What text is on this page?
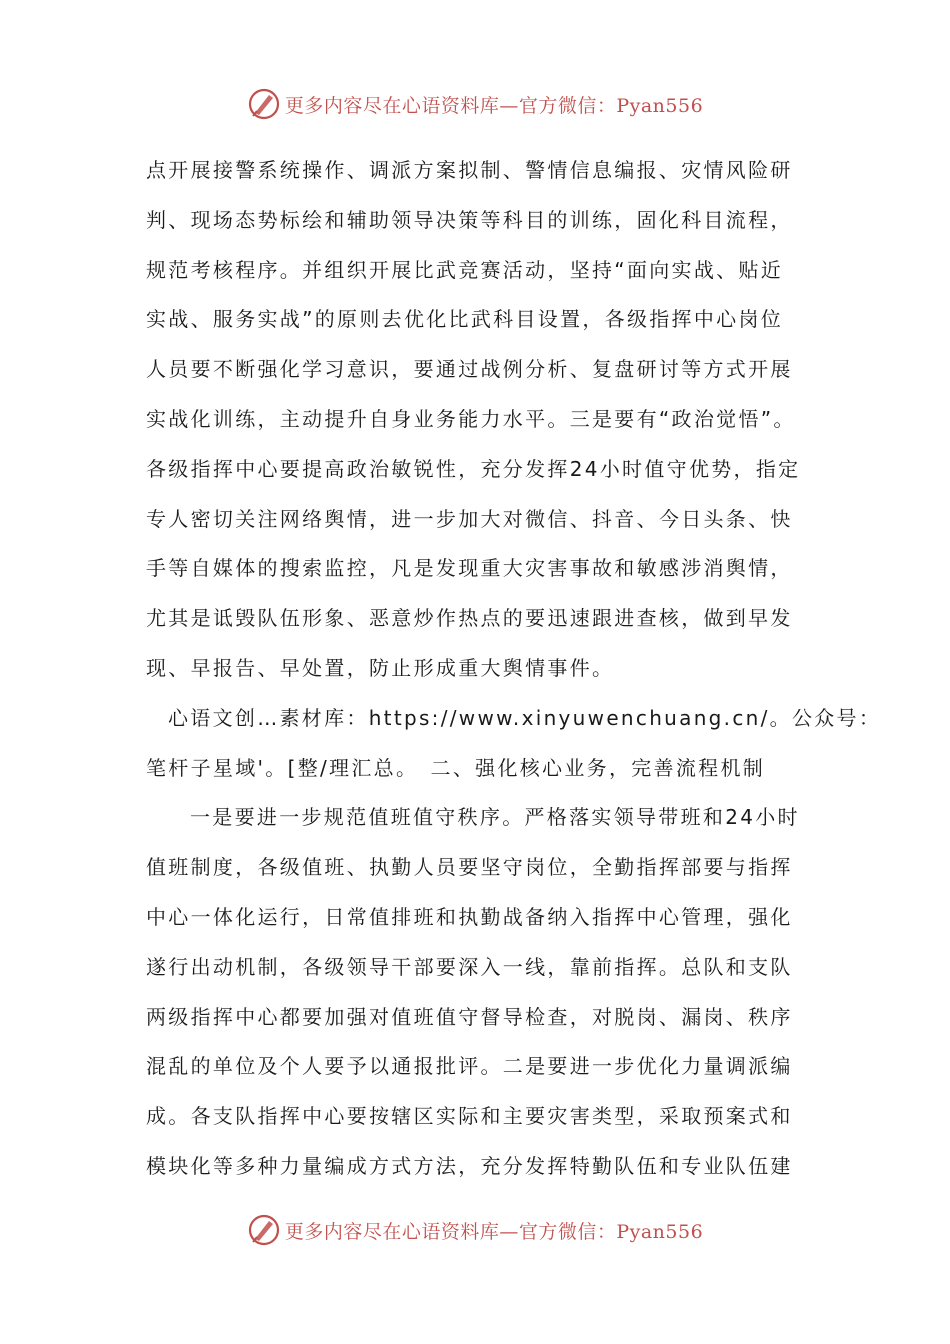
更多内容尽在心语资料库—官方微信：Pyan556
点开展接警系统操作、调派方案拟制、警情信息编报、灾情风险研
判、现场态势标绘和辅助领导决策等科目的训练，固化科目流程，
规范考核程序。并组织开展比武竞赛活动，坚持“面向实战、贴近
实战、服务实战”的原则去优化比武科目设置，各级指挥中心岗位
人员要不断强化学习意识，要通过战例分析、复盘研讨等方式开展
实战化训练，主动提升自身业务能力水平。三是要有“政治觉悟”。
各级指挥中心要提高政治敏锐性，充分发挥24小时值守优势，指定
专人密切关注网络舆情，进一步加大对微信、抖音、今日头条、快
手等自媒体的搜索监控，凡是发现重大灾害事故和敏感涉消舆情，
尤其是诋毁队伍形象、恶意炒作热点的要迅速跟进查核，做到早发
现、早报告、早处置，防止形成重大舆情事件。
心语文创…素材库：https://www.xinyuwenchuang.cn/。公众号：
笔杆子星域'。[整/理汇总。　二、强化核心业务，完善流程机制
一是要进一步规范值班值守秩序。严格落实领导带班和24小时
值班制度，各级值班、执勤人员要坚守岗位，全勤指挥部要与指挥
中心一体化运行，日常值排班和执勤战备纳入指挥中心管理，强化
遂行出动机制，各级领导干部要深入一线，靠前指挥。总队和支队
两级指挥中心都要加强对值班值守督导检查，对脱岗、漏岗、秩序
混乱的单位及个人要予以通报批评。二是要进一步优化力量调派编
成。各支队指挥中心要按辖区实际和主要灾害类型，采取预案式和
模块化等多种力量编成方式方法，充分发挥特勤队伍和专业队伍建
更多内容尽在心语资料库—官方微信：Pyan556
